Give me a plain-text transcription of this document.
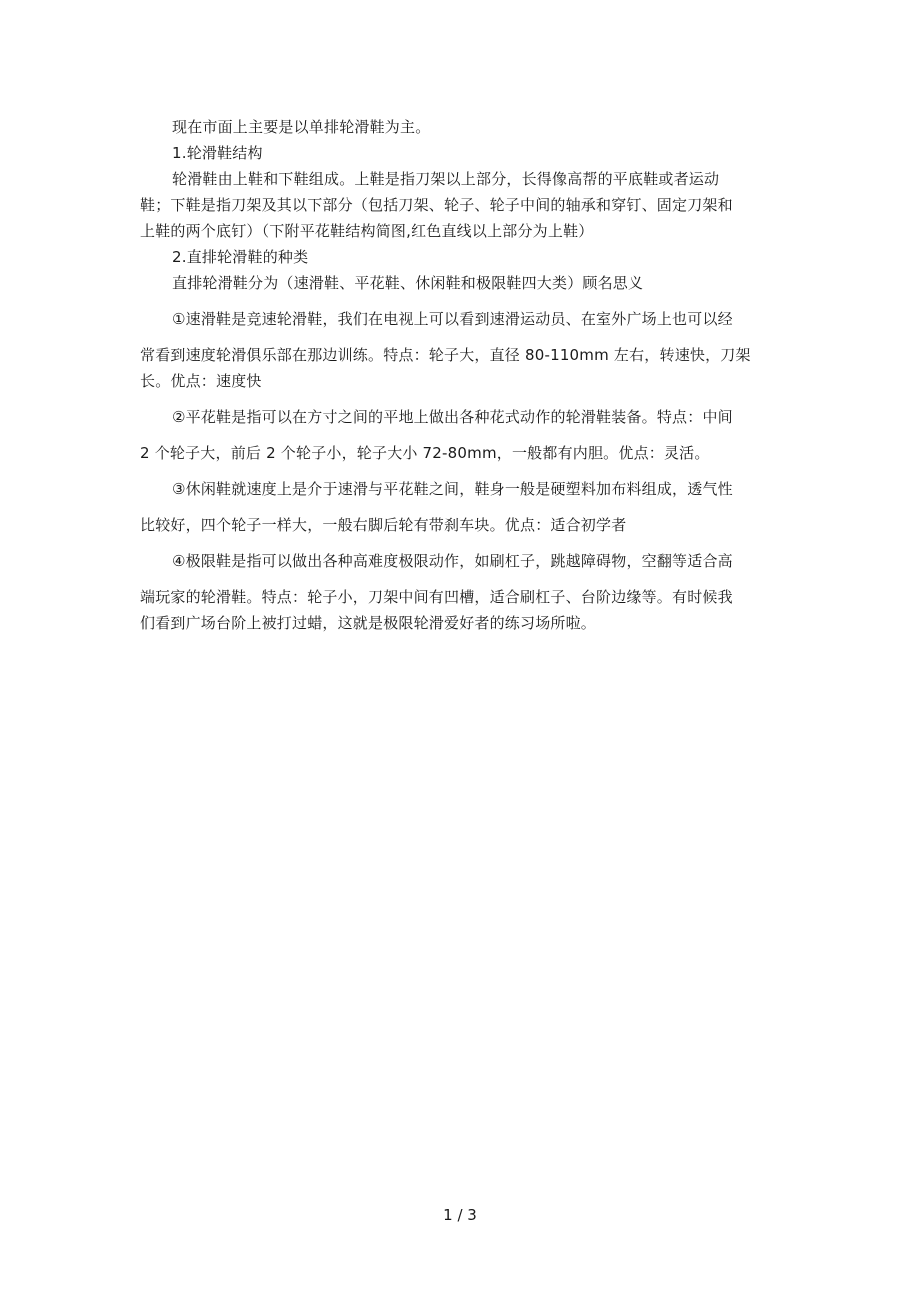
现在市面上主要是以单排轮滑鞋为主。

1.轮滑鞋结构

轮滑鞋由上鞋和下鞋组成。上鞋是指刀架以上部分，长得像高帮的平底鞋或者运动

鞋；下鞋是指刀架及其以下部分（包括刀架、轮子、轮子中间的轴承和穿钉、固定刀架和

上鞋的两个底钉）（下附平花鞋结构简图,红色直线以上部分为上鞋）

2.直排轮滑鞋的种类

直排轮滑鞋分为（速滑鞋、平花鞋、休闲鞋和极限鞋四大类）顾名思义

①速滑鞋是竞速轮滑鞋，我们在电视上可以看到速滑运动员、在室外广场上也可以经

常看到速度轮滑俱乐部在那边训练。特点：轮子大，直径 80-110mm 左右，转速快，刀架

长。优点：速度快

②平花鞋是指可以在方寸之间的平地上做出各种花式动作的轮滑鞋装备。特点：中间

2 个轮子大，前后 2 个轮子小，轮子大小 72-80mm，一般都有内胆。优点：灵活。

③休闲鞋就速度上是介于速滑与平花鞋之间，鞋身一般是硬塑料加布料组成，透气性

比较好，四个轮子一样大，一般右脚后轮有带刹车块。优点：适合初学者

④极限鞋是指可以做出各种高难度极限动作，如刷杠子，跳越障碍物，空翻等适合高

端玩家的轮滑鞋。特点：轮子小，刀架中间有凹槽，适合刷杠子、台阶边缘等。有时候我

们看到广场台阶上被打过蜡，这就是极限轮滑爱好者的练习场所啦。

1 / 3
